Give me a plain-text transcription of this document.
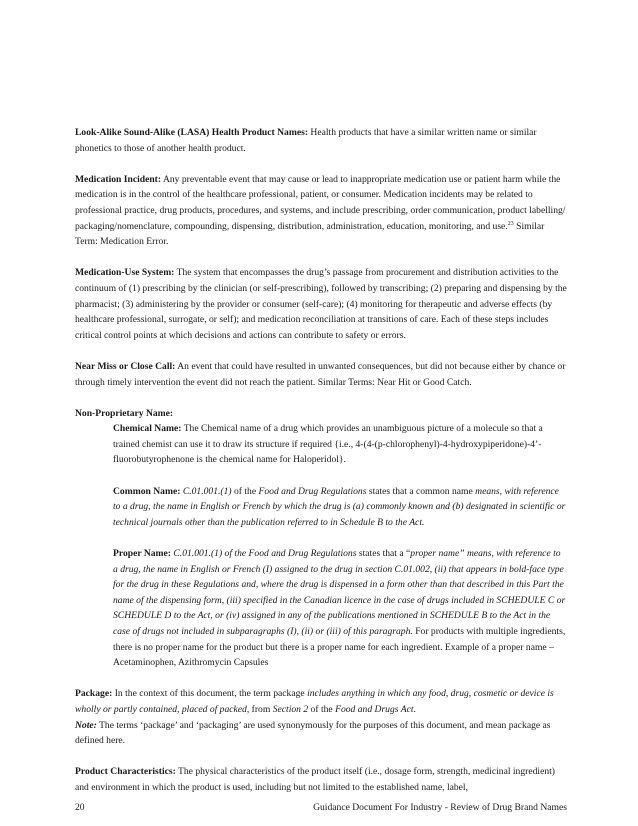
Look-Alike Sound-Alike (LASA) Health Product Names: Health products that have a similar written name or similar phonetics to those of another health product.

Medication Incident: Any preventable event that may cause or lead to inappropriate medication use or patient harm while the medication is in the control of the healthcare professional, patient, or consumer. Medication incidents may be related to professional practice, drug products, procedures, and systems, and include prescribing, order communication, product labelling/ packaging/nomenclature, compounding, dispensing, distribution, administration, education, monitoring, and use.$^{23}$ Similar Term: Medication Error.

Medication-Use System: The system that encompasses the drug’s passage from procurement and distribution activities to the continuum of (1) prescribing by the clinician (or self-prescribing), followed by transcribing; (2) preparing and dispensing by the pharmacist; (3) administering by the provider or consumer (self-care); (4) monitoring for therapeutic and adverse effects (by healthcare professional, surrogate, or self); and medication reconciliation at transitions of care. Each of these steps includes critical control points at which decisions and actions can contribute to safety or errors.

Near Miss or Close Call: An event that could have resulted in unwanted consequences, but did not because either by chance or through timely intervention the event did not reach the patient. Similar Terms: Near Hit or Good Catch.

Non-Proprietary Name:

Chemical Name: The Chemical name of a drug which provides an unambiguous picture of a molecule so that a trained chemist can use it to draw its structure if required {i.e., 4-(4-(p-chlorophenyl)-4-hydroxypiperidone)-4’-fluorobutyrophenone is the chemical name for Haloperidol}.

Common Name: C.01.001.(1) of the Food and Drug Regulations states that a common name means, with reference to a drug, the name in English or French by which the drug is (a) commonly known and (b) designated in scientific or technical journals other than the publication referred to in Schedule B to the Act.

Proper Name: C.01.001.(1) of the Food and Drug Regulations states that a “proper name” means, with reference to a drug, the name in English or French (I) assigned to the drug in section C.01.002, (ii) that appears in bold-face type for the drug in these Regulations and, where the drug is dispensed in a form other than that described in this Part the name of the dispensing form, (iii) specified in the Canadian licence in the case of drugs included in SCHEDULE C or SCHEDULE D to the Act, or (iv) assigned in any of the publications mentioned in SCHEDULE B to the Act in the case of drugs not included in subparagraphs (I), (ii) or (iii) of this paragraph. For products with multiple ingredients, there is no proper name for the product but there is a proper name for each ingredient. Example of a proper name – Acetaminophen, Azithromycin Capsules

Package: In the context of this document, the term package includes anything in which any food, drug, cosmetic or device is wholly or partly contained, placed of packed, from Section 2 of the Food and Drugs Act.
Note: The terms ‘package’ and ‘packaging’ are used synonymously for the purposes of this document, and mean package as defined here.

Product Characteristics: The physical characteristics of the product itself (i.e., dosage form, strength, medicinal ingredient) and environment in which the product is used, including but not limited to the established name, label,

20	Guidance Document For Industry - Review of Drug Brand Names
